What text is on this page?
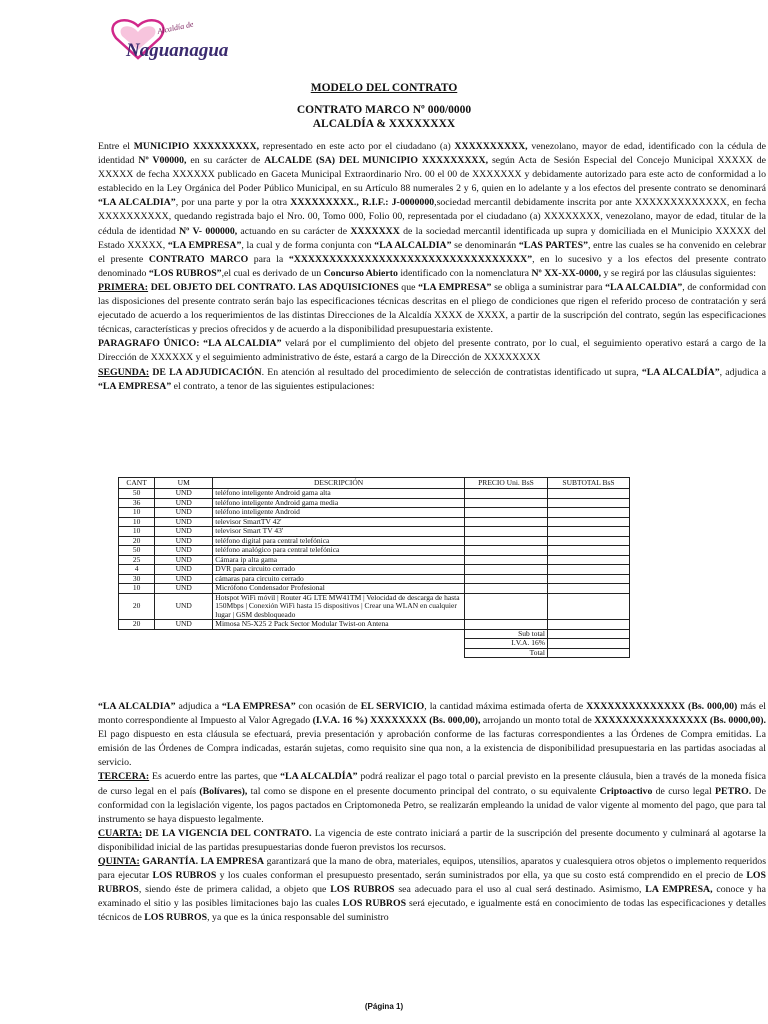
Alcaldía de
Naguanagua
MODELO DEL CONTRATO
CONTRATO MARCO Nº 000/0000
ALCALDÍA & XXXXXXXX

Entre el MUNICIPIO XXXXXXXXX, representado en este acto por el ciudadano (a) XXXXXXXXXX, venezolano, mayor de edad, identificado con la cédula de identidad Nº V00000, en su carácter de ALCALDE (SA) DEL MUNICIPIO XXXXXXXXX, según Acta de Sesión Especial del Concejo Municipal XXXXX de XXXXX de fecha XXXXXX publicado en Gaceta Municipal Extraordinario Nro. 00 el 00 de XXXXXXX y debidamente autorizado para este acto de conformidad a lo establecido en la Ley Orgánica del Poder Público Municipal, en su Artículo 88 numerales 2 y 6, quien en lo adelante y a los efectos del presente contrato se denominará “LA ALCALDIA”, por una parte y por la otra XXXXXXXXX., R.I.F.: J-0000000,sociedad mercantil debidamente inscrita por ante XXXXXXXXXXXXX, en fecha XXXXXXXXXX, quedando registrada bajo el Nro. 00, Tomo 000, Folio 00, representada por el ciudadano (a) XXXXXXXX, venezolano, mayor de edad, titular de la cédula de identidad Nº V- 000000, actuando en su carácter de XXXXXXX de la sociedad mercantil identificada up supra y domiciliada en el Municipio XXXXX del Estado XXXXX, “LA EMPRESA”, la cual y de forma conjunta con “LA ALCALDIA” se denominarán “LAS PARTES”, entre las cuales se ha convenido en celebrar el presente CONTRATO MARCO para la “XXXXXXXXXXXXXXXXXXXXXXXXXXXXXXXXX”, en lo sucesivo y a los efectos del presente contrato denominado “LOS RUBROS”,el cual es derivado de un Concurso Abierto identificado con la nomenclatura Nº XX-XX-0000, y se regirá por las cláusulas siguientes:

PRIMERA: DEL OBJETO DEL CONTRATO. LAS ADQUISICIONES que “LA EMPRESA” se obliga a suministrar para “LA ALCALDIA”, de conformidad con las disposiciones del presente contrato serán bajo las especificaciones técnicas descritas en el pliego de condiciones que rigen el referido proceso de contratación y será ejecutado de acuerdo a los requerimientos de las distintas Direcciones de la Alcaldía XXXX de XXXX, a partir de la suscripción del contrato, según las especificaciones técnicas, características y precios ofrecidos y de acuerdo a la disponibilidad presupuestaria existente.

PARAGRAFO ÚNICO: “LA ALCALDIA” velará por el cumplimiento del objeto del presente contrato, por lo cual, el seguimiento operativo estará a cargo de la Dirección de XXXXXX y el seguimiento administrativo de éste, estará a cargo de la Dirección de XXXXXXXX

SEGUNDA: DE LA ADJUDICACIÓN. En atención al resultado del procedimiento de selección de contratistas identificado ut supra, “LA ALCALDÍA”, adjudica a “LA EMPRESA” el contrato, a tenor de las siguientes estipulaciones:

CANT	UM	DESCRIPCIÓN	PRECIO Uni. BsS	SUBTOTAL BsS
50	UND	teléfono inteligente Android gama alta		
36	UND	teléfono inteligente Android gama media		
10	UND	teléfono inteligente Android		
10	UND	televisor SmartTV 42'		
10	UND	televisor Smart TV 43'		
20	UND	teléfono digital para central telefónica		
50	UND	teléfono analógico para central telefónica		
25	UND	Cámara ip alta gama		
4	UND	DVR para circuito cerrado		
30	UND	cámaras para circuito cerrado		
10	UND	Micrófono Condensador Profesional		
20	UND	Hotspot WiFi móvil | Router 4G LTE MW41TM | Velocidad de descarga de hasta 150Mbps | Conexión WiFi hasta 15 dispositivos | Crear una WLAN en cualquier lugar | GSM desbloqueado		
20	UND	Mimosa N5-X25 2 Pack Sector Modular Twist-on Antena		
			Sub total	
			I.V.A. 16%	
			Total	

“LA ALCALDIA” adjudica a “LA EMPRESA” con ocasión de EL SERVICIO, la cantidad máxima estimada oferta de XXXXXXXXXXXXXX (Bs. 000,00) más el monto correspondiente al Impuesto al Valor Agregado (I.V.A. 16 %) XXXXXXXX (Bs. 000,00), arrojando un monto total de XXXXXXXXXXXXXXXX (Bs. 0000,00). El pago dispuesto en esta cláusula se efectuará, previa presentación y aprobación conforme de las facturas correspondientes a las Órdenes de Compra emitidas. La emisión de las Órdenes de Compra indicadas, estarán sujetas, como requisito sine qua non, a la existencia de disponibilidad presupuestaria en las partidas asociadas al servicio.

TERCERA: Es acuerdo entre las partes, que “LA ALCALDÍA” podrá realizar el pago total o parcial previsto en la presente cláusula, bien a través de la moneda física de curso legal en el país (Bolívares), tal como se dispone en el presente documento principal del contrato, o su equivalente Criptoactivo de curso legal PETRO. De conformidad con la legislación vigente, los pagos pactados en Criptomoneda Petro, se realizarán empleando la unidad de valor vigente al momento del pago, que para tal instrumento se haya dispuesto legalmente.

CUARTA: DE LA VIGENCIA DEL CONTRATO. La vigencia de este contrato iniciará a partir de la suscripción del presente documento y culminará al agotarse la disponibilidad inicial de las partidas presupuestarias donde fueron previstos los recursos.

QUINTA: GARANTÍA. LA EMPRESA garantizará que la mano de obra, materiales, equipos, utensilios, aparatos y cualesquiera otros objetos o implemento requeridos para ejecutar LOS RUBROS y los cuales conforman el presupuesto presentado, serán suministrados por ella, ya que su costo está comprendido en el precio de LOS RUBROS, siendo éste de primera calidad, a objeto que LOS RUBROS sea adecuado para el uso al cual será destinado. Asimismo, LA EMPRESA, conoce y ha examinado el sitio y las posibles limitaciones bajo las cuales LOS RUBROS será ejecutado, e igualmente está en conocimiento de todas las especificaciones y detalles técnicos de LOS RUBROS, ya que es la única responsable del suministro

(Página 1)
